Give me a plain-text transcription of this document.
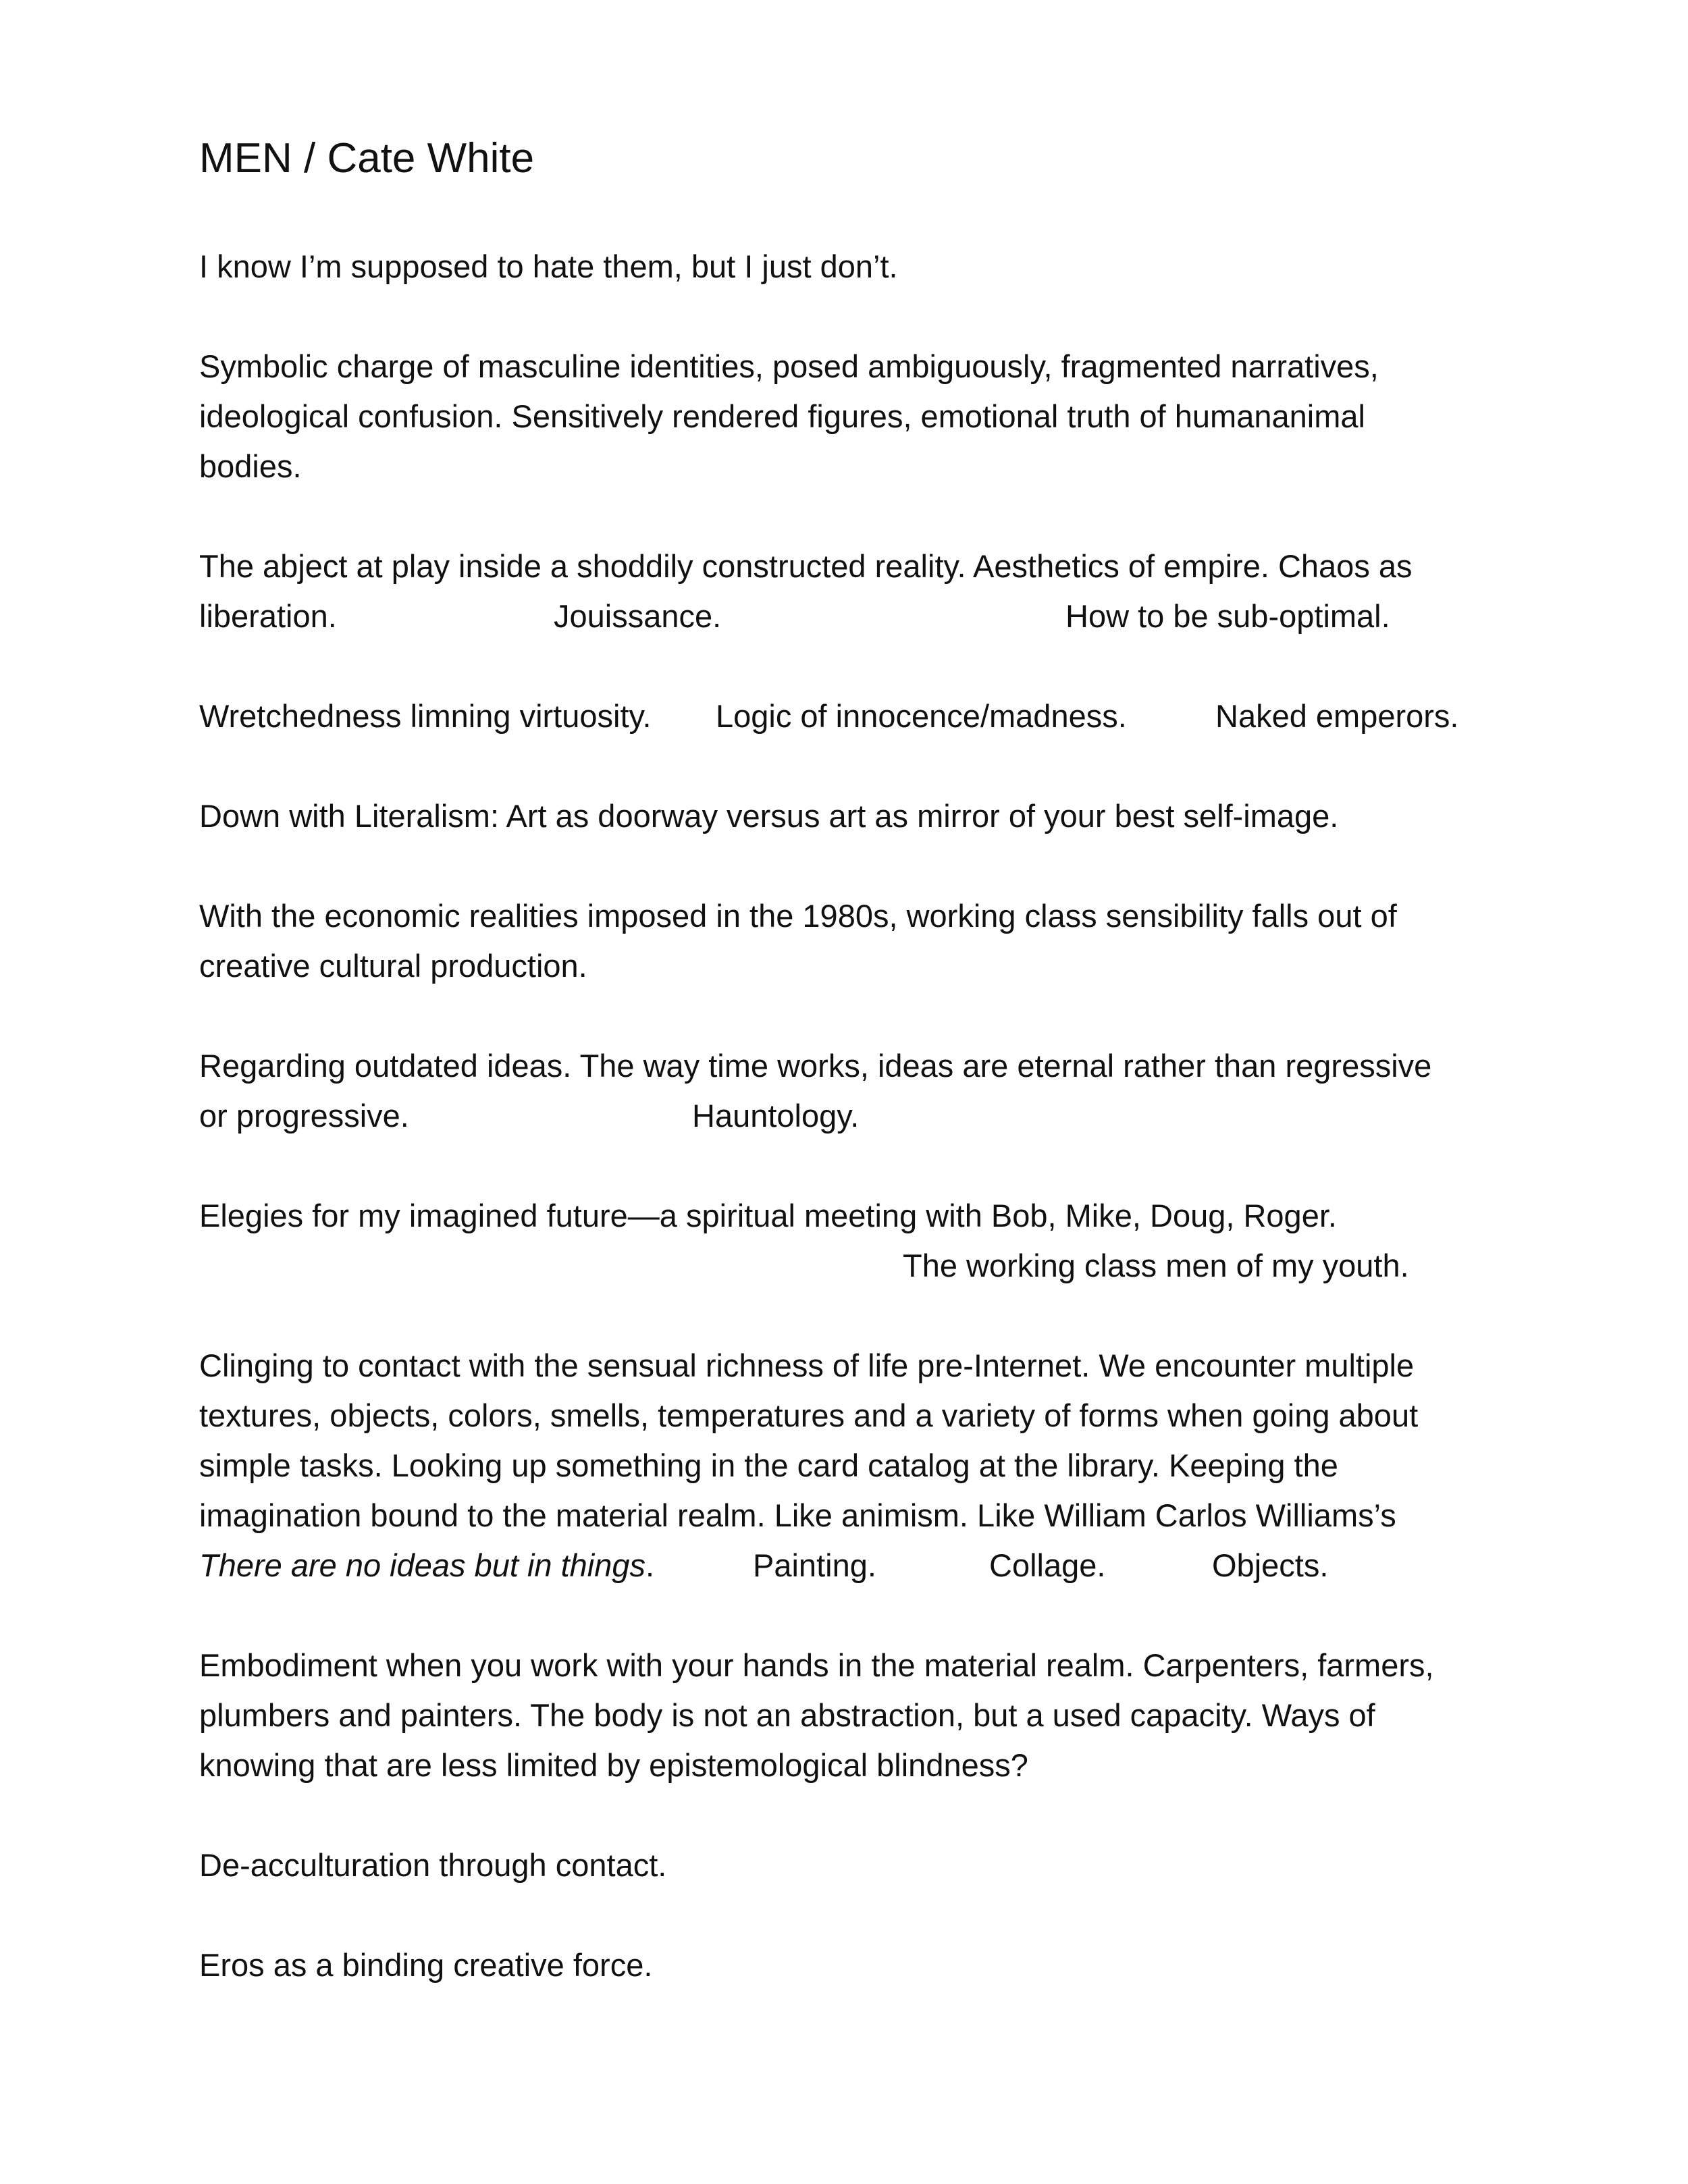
MEN / Cate White
I know I’m supposed to hate them, but I just don’t.
Symbolic charge of masculine identities, posed ambiguously, fragmented narratives,
ideological confusion. Sensitively rendered figures, emotional truth of humananimal
bodies.
The abject at play inside a shoddily constructed reality. Aesthetics of empire. Chaos as
liberation.	Jouissance.	How to be sub-optimal.
Wretchedness limning virtuosity. Logic of innocence/madness.	Naked emperors.
Down with Literalism: Art as doorway versus art as mirror of your best self-image.
With the economic realities imposed in the 1980s, working class sensibility falls out of
creative cultural production.
Regarding outdated ideas. The way time works, ideas are eternal rather than regressive
or progressive.	Hauntology.
Elegies for my imagined future—a spiritual meeting with Bob, Mike, Doug, Roger.
The working class men of my youth.
Clinging to contact with the sensual richness of life pre-Internet. We encounter multiple
textures, objects, colors, smells, temperatures and a variety of forms when going about
simple tasks. Looking up something in the card catalog at the library. Keeping the
imagination bound to the material realm. Like animism. Like William Carlos Williams’s
There are no ideas but in things.	Painting.	Collage.	Objects.
Embodiment when you work with your hands in the material realm. Carpenters, farmers,
plumbers and painters. The body is not an abstraction, but a used capacity. Ways of
knowing that are less limited by epistemological blindness?
De-acculturation through contact.
Eros as a binding creative force.
